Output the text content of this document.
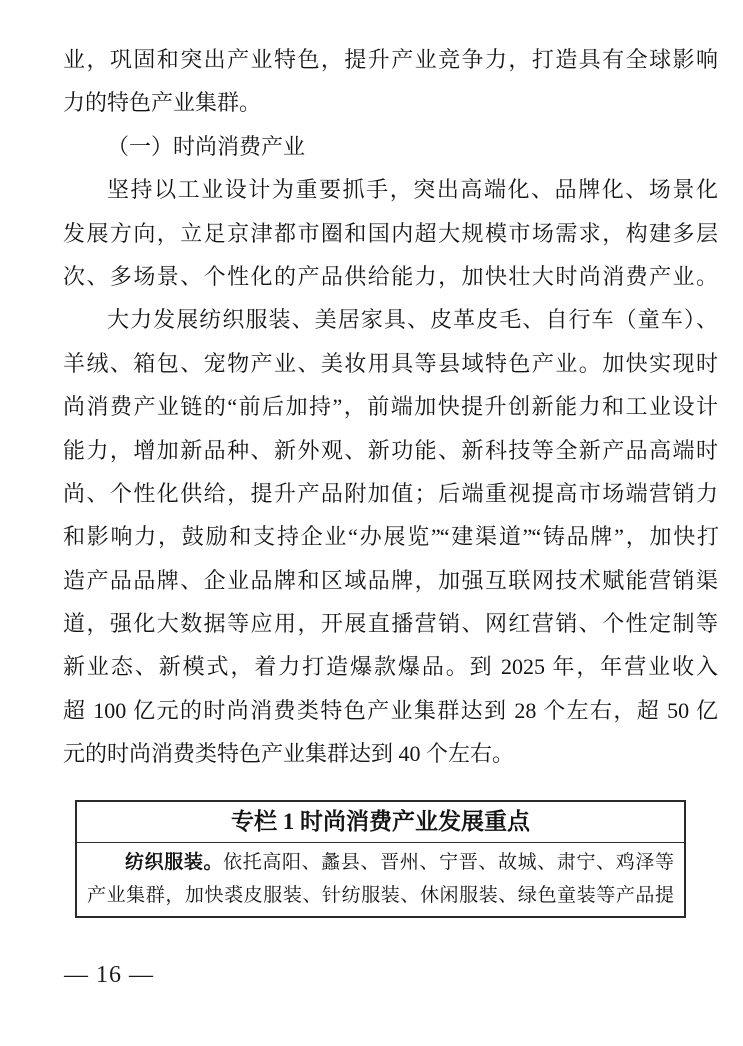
业，巩固和突出产业特色，提升产业竞争力，打造具有全球影响
力的特色产业集群。
（一）时尚消费产业
坚持以工业设计为重要抓手，突出高端化、品牌化、场景化
发展方向，立足京津都市圈和国内超大规模市场需求，构建多层
次、多场景、个性化的产品供给能力，加快壮大时尚消费产业。
大力发展纺织服装、美居家具、皮革皮毛、自行车（童车）、
羊绒、箱包、宠物产业、美妆用具等县域特色产业。加快实现时
尚消费产业链的“前后加持”，前端加快提升创新能力和工业设计
能力，增加新品种、新外观、新功能、新科技等全新产品高端时
尚、个性化供给，提升产品附加值；后端重视提高市场端营销力
和影响力，鼓励和支持企业“办展览”“建渠道”“铸品牌”，加快打
造产品品牌、企业品牌和区域品牌，加强互联网技术赋能营销渠
道，强化大数据等应用，开展直播营销、网红营销、个性定制等
新业态、新模式，着力打造爆款爆品。到 2025 年，年营业收入
超 100 亿元的时尚消费类特色产业集群达到 28 个左右，超 50 亿
元的时尚消费类特色产业集群达到 40 个左右。
专栏 1 时尚消费产业发展重点
纺织服装。依托高阳、蠡县、晋州、宁晋、故城、肃宁、鸡泽等
产业集群，加快裘皮服装、针纺服装、休闲服装、绿色童装等产品提
— 16 —
